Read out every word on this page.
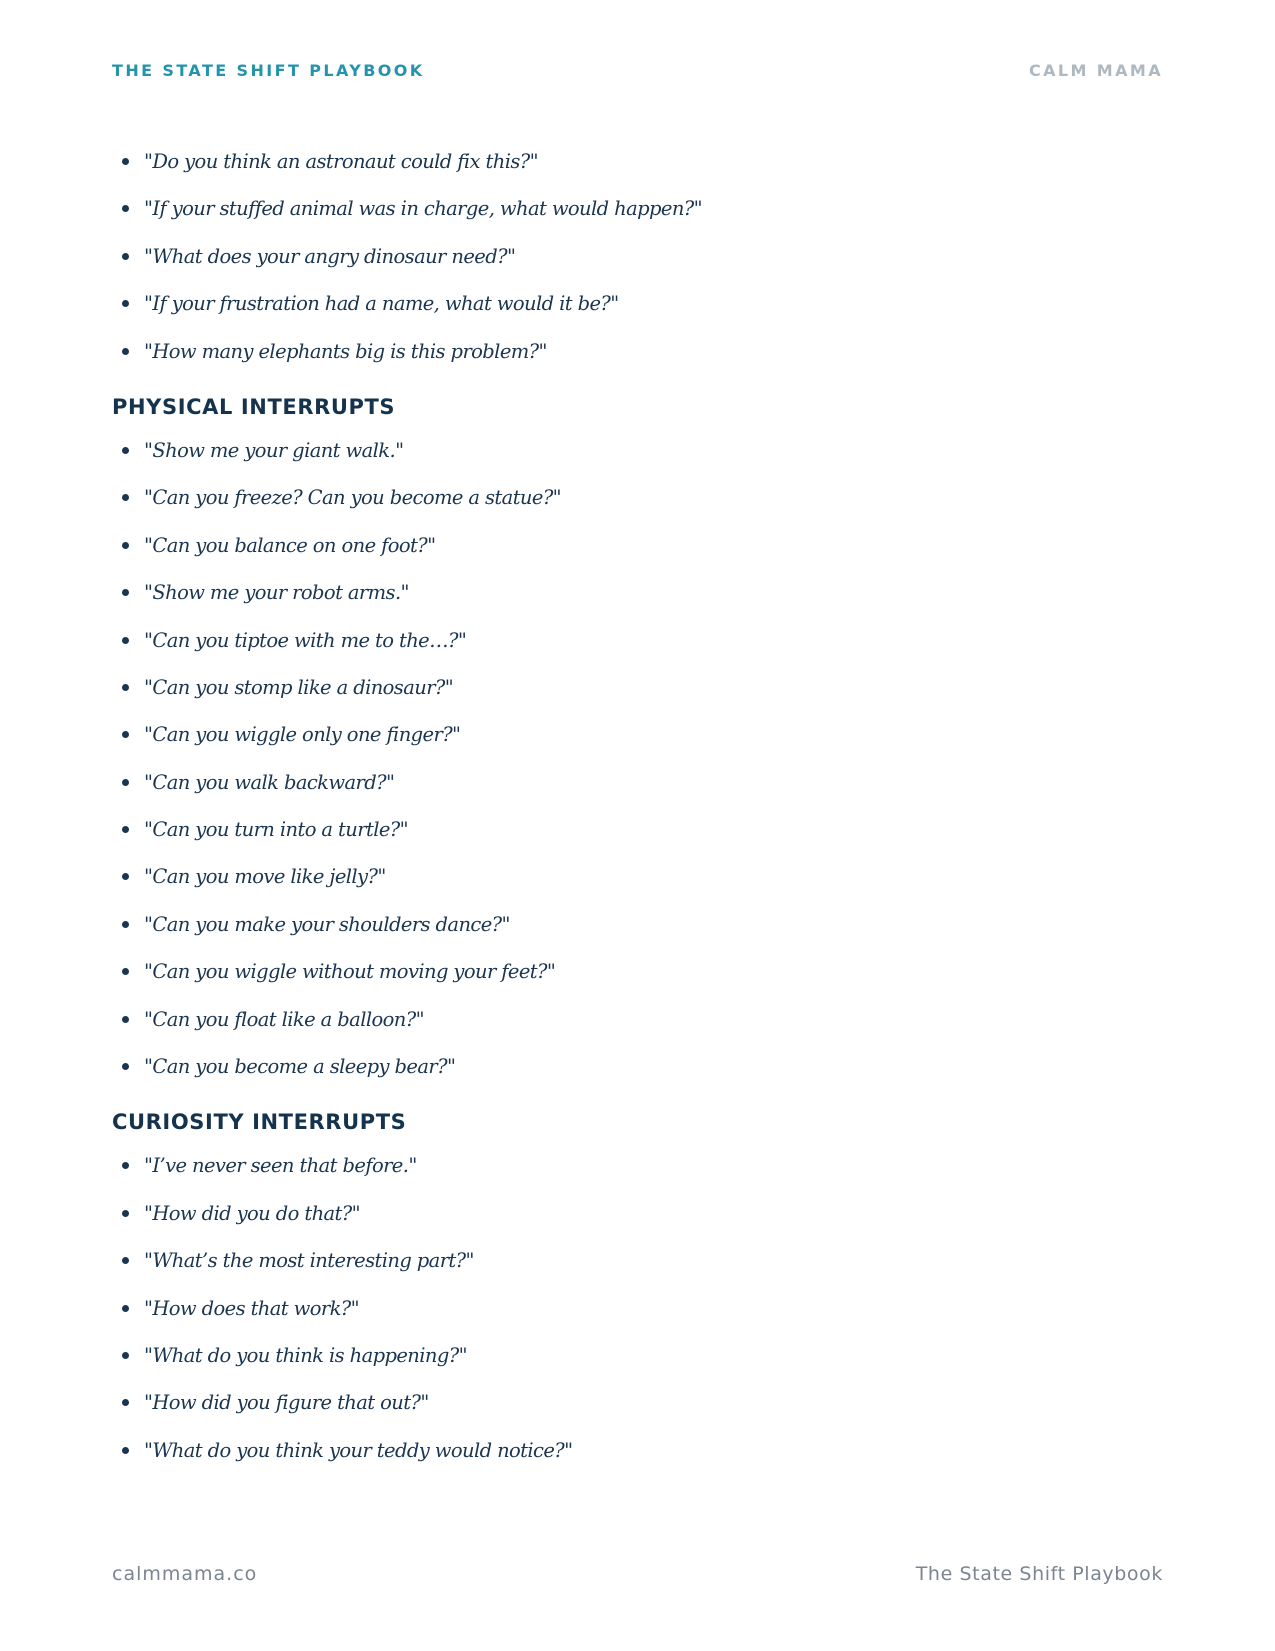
THE STATE SHIFT PLAYBOOK	CALM MAMA
"Do you think an astronaut could fix this?"
"If your stuffed animal was in charge, what would happen?"
"What does your angry dinosaur need?"
"If your frustration had a name, what would it be?"
"How many elephants big is this problem?"
PHYSICAL INTERRUPTS
"Show me your giant walk."
"Can you freeze? Can you become a statue?"
"Can you balance on one foot?"
"Show me your robot arms."
"Can you tiptoe with me to the…?"
"Can you stomp like a dinosaur?"
"Can you wiggle only one finger?"
"Can you walk backward?"
"Can you turn into a turtle?"
"Can you move like jelly?"
"Can you make your shoulders dance?"
"Can you wiggle without moving your feet?"
"Can you float like a balloon?"
"Can you become a sleepy bear?"
CURIOSITY INTERRUPTS
"I’ve never seen that before."
"How did you do that?"
"What’s the most interesting part?"
"How does that work?"
"What do you think is happening?"
"How did you figure that out?"
"What do you think your teddy would notice?"
calmmama.co	The State Shift Playbook
